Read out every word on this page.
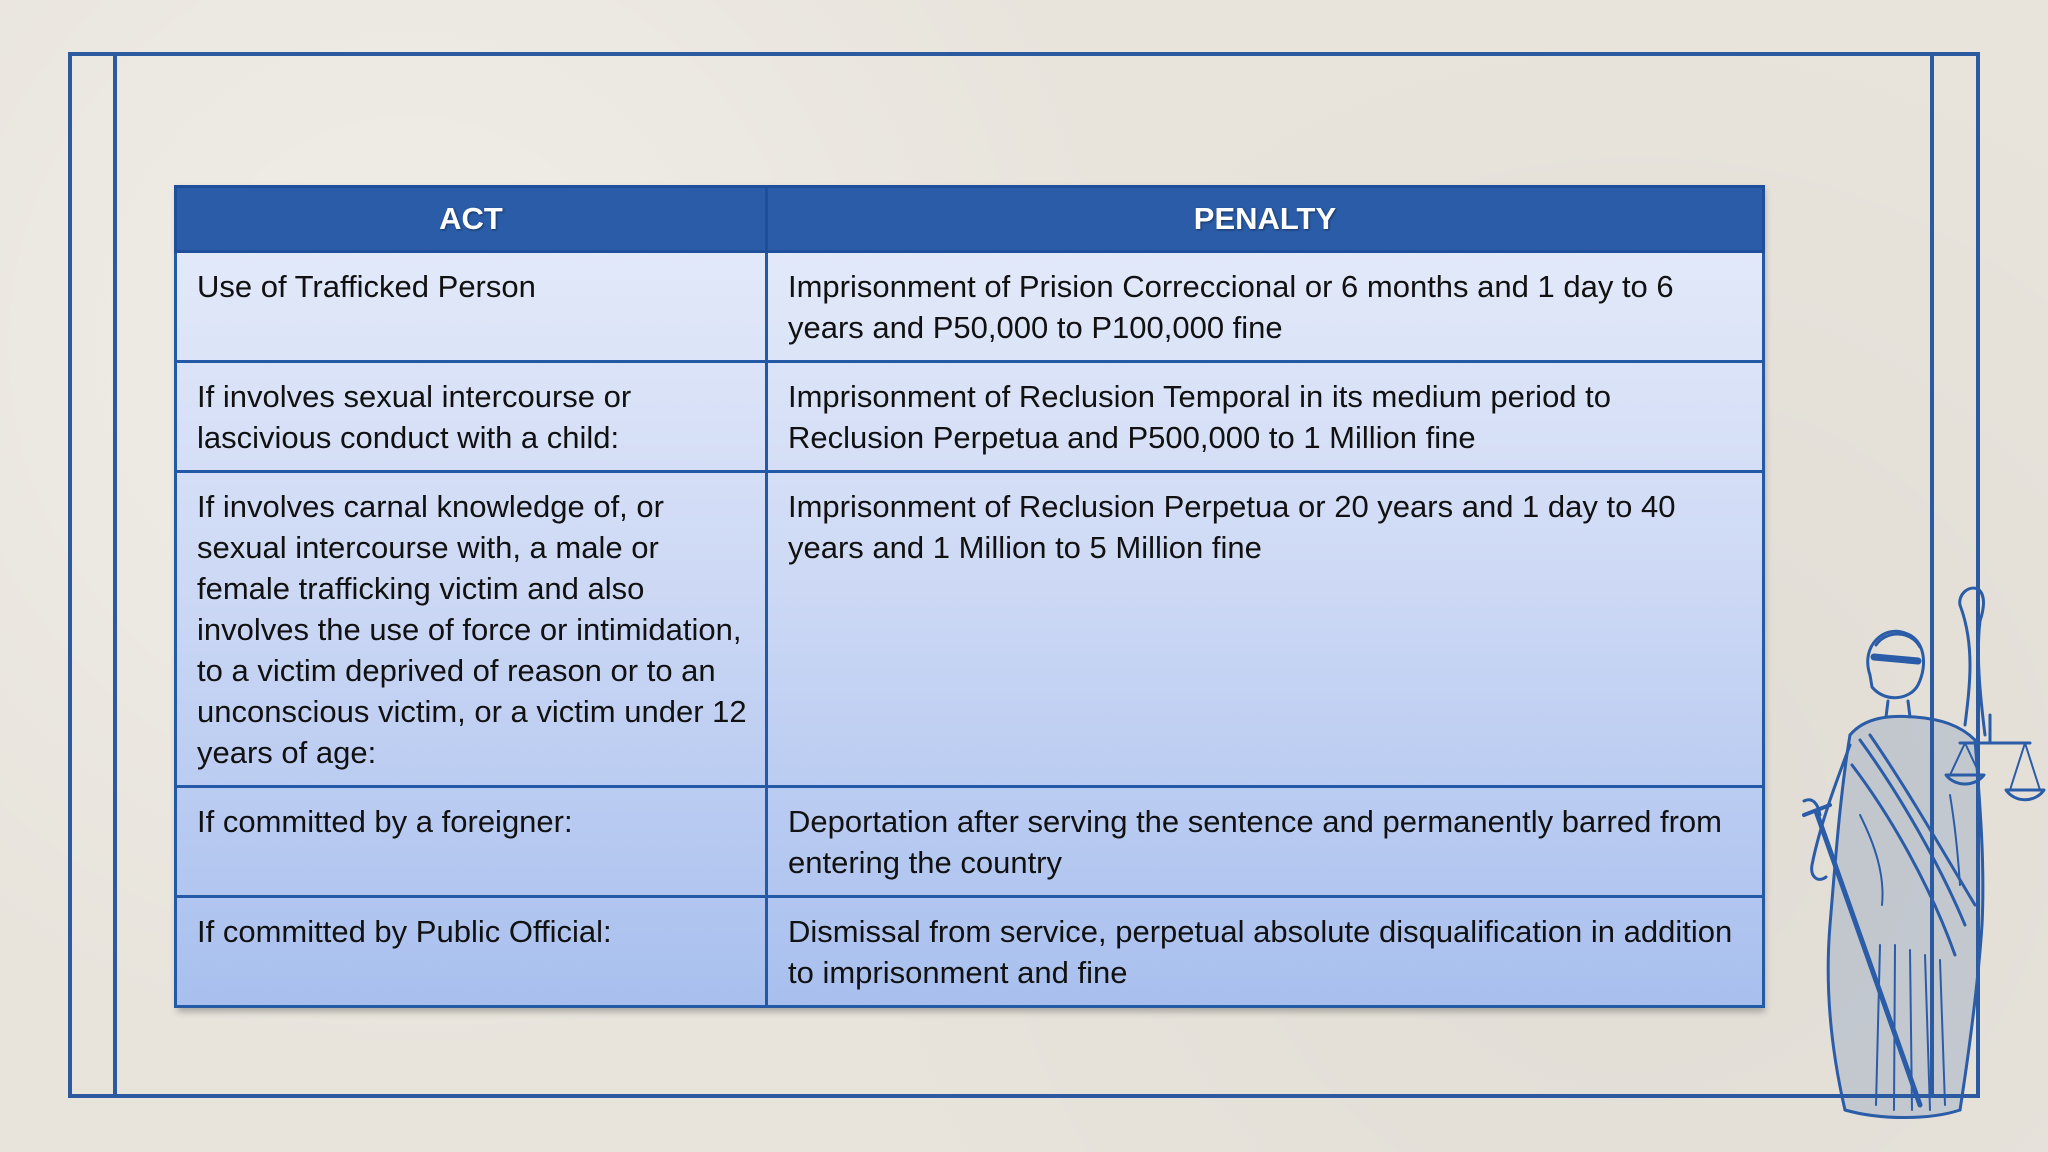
ACT	PENALTY
Use of Trafficked Person	Imprisonment of Prision Correccional or 6 months and 1 day to 6 years and P50,000 to P100,000 fine
If involves sexual intercourse or lascivious conduct with a child:	Imprisonment of Reclusion Temporal in its medium period to Reclusion Perpetua and P500,000 to 1 Million fine
If involves carnal knowledge of, or sexual intercourse with, a male or female trafficking victim and also involves the use of force or intimidation, to a victim deprived of reason or to an unconscious victim, or a victim under 12 years of age:	Imprisonment of Reclusion Perpetua or 20 years and 1 day to 40 years and 1 Million to 5 Million fine
If committed by a foreigner:	Deportation after serving the sentence and permanently barred from entering the country
If committed by Public Official:	Dismissal from service, perpetual absolute disqualification in addition to imprisonment and fine
